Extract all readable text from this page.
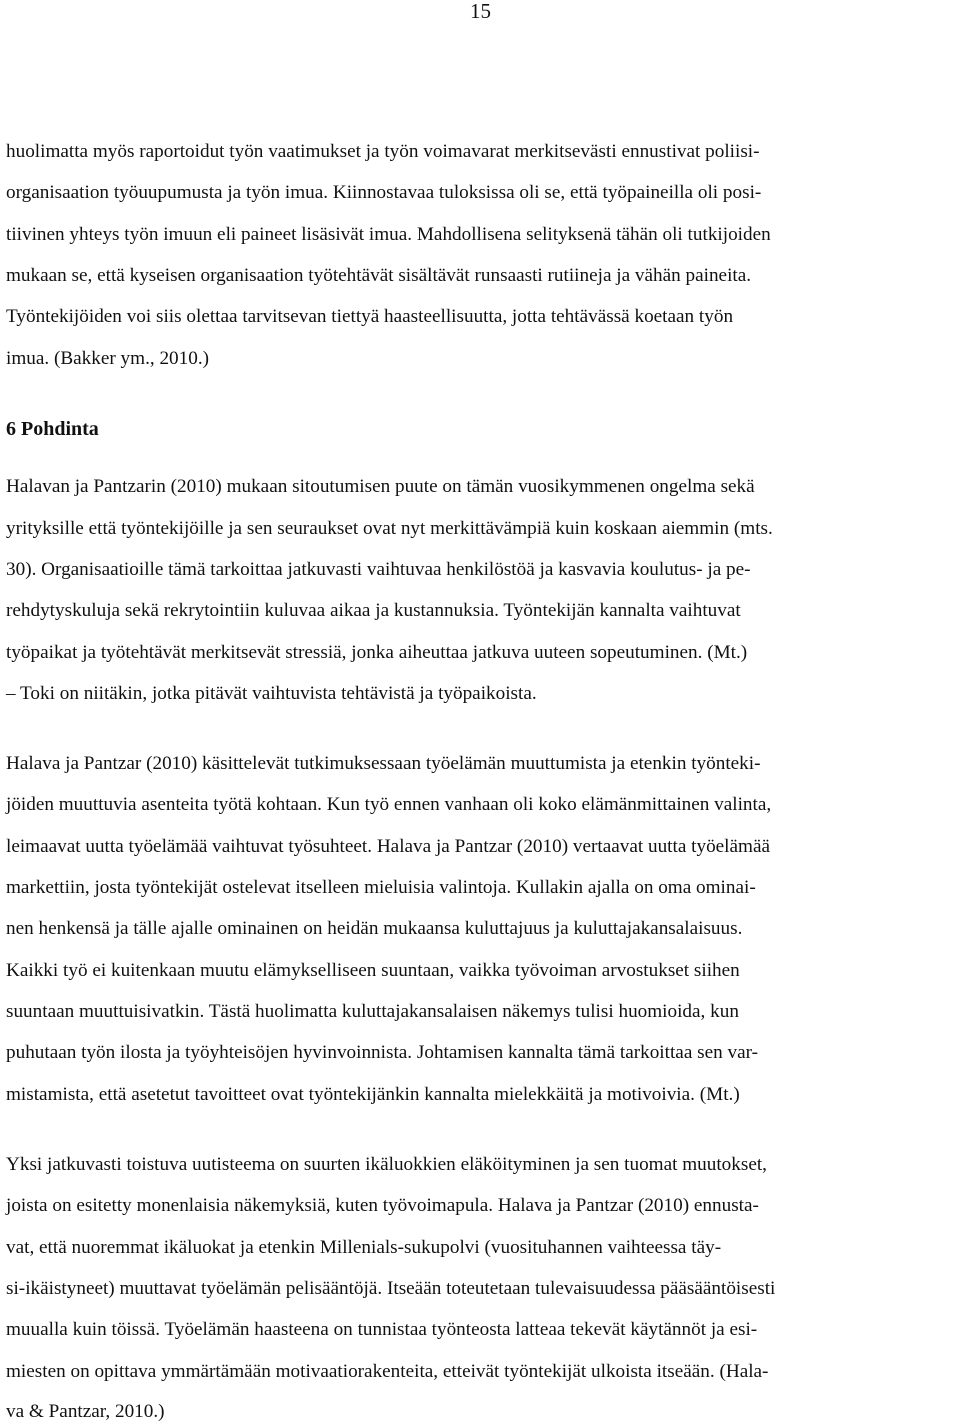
15
huolimatta myös raportoidut työn vaatimukset ja työn voimavarat merkitsevästi ennustivat poliisi-
organisaation työuupumusta ja työn imua. Kiinnostavaa tuloksissa oli se, että työpaineilla oli posi-
tiivinen yhteys työn imuun eli paineet lisäsivät imua. Mahdollisena selityksenä tähän oli tutkijoiden
mukaan se, että kyseisen organisaation työtehtävät sisältävät runsaasti rutiineja ja vähän paineita.
Työntekijöiden voi siis olettaa tarvitsevan tiettyä haasteellisuutta, jotta tehtävässä koetaan työn
imua. (Bakker ym., 2010.)
6 Pohdinta
Halavan ja Pantzarin (2010) mukaan sitoutumisen puute on tämän vuosikymmenen ongelma sekä
yrityksille että työntekijöille ja sen seuraukset ovat nyt merkittävämpiä kuin koskaan aiemmin (mts.
30). Organisaatioille tämä tarkoittaa jatkuvasti vaihtuvaa henkilöstöä ja kasvavia koulutus- ja pe-
rehdytyskuluja sekä rekrytointiin kuluvaa aikaa ja kustannuksia. Työntekijän kannalta vaihtuvat
työpaikat ja työtehtävät merkitsevät stressiä, jonka aiheuttaa jatkuva uuteen sopeutuminen. (Mt.)
– Toki on niitäkin, jotka pitävät vaihtuvista tehtävistä ja työpaikoista.
Halava ja Pantzar (2010) käsittelevät tutkimuksessaan työelämän muuttumista ja etenkin työnteki-
jöiden muuttuvia asenteita työtä kohtaan. Kun työ ennen vanhaan oli koko elämänmittainen valinta,
leimaavat uutta työelämää vaihtuvat työsuhteet. Halava ja Pantzar (2010) vertaavat uutta työelämää
markettiin, josta työntekijät ostelevat itselleen mieluisia valintoja. Kullakin ajalla on oma ominai-
nen henkensä ja tälle ajalle ominainen on heidän mukaansa kuluttajuus ja kuluttajakansalaisuus.
Kaikki työ ei kuitenkaan muutu elämykselliseen suuntaan, vaikka työvoiman arvostukset siihen
suuntaan muuttuisivatkin. Tästä huolimatta kuluttajakansalaisen näkemys tulisi huomioida, kun
puhutaan työn ilosta ja työyhteisöjen hyvinvoinnista. Johtamisen kannalta tämä tarkoittaa sen var-
mistamista, että asetetut tavoitteet ovat työntekijänkin kannalta mielekkäitä ja motivoivia. (Mt.)
Yksi jatkuvasti toistuva uutisteema on suurten ikäluokkien eläköityminen ja sen tuomat muutokset,
joista on esitetty monenlaisia näkemyksiä, kuten työvoimapula. Halava ja Pantzar (2010) ennusta-
vat, että nuoremmat ikäluokat ja etenkin Millenials-sukupolvi (vuosituhannen vaihteessa täy-
si-ikäistyneet) muuttavat työelämän pelisääntöjä. Itseään toteutetaan tulevaisuudessa pääsääntöisesti
muualla kuin töissä. Työelämän haasteena on tunnistaa työnteosta latteaa tekevät käytännöt ja esi-
miesten on opittava ymmärtämään motivaatiorakenteita, etteivät työntekijät ulkoista itseään. (Hala-
va & Pantzar, 2010.)
